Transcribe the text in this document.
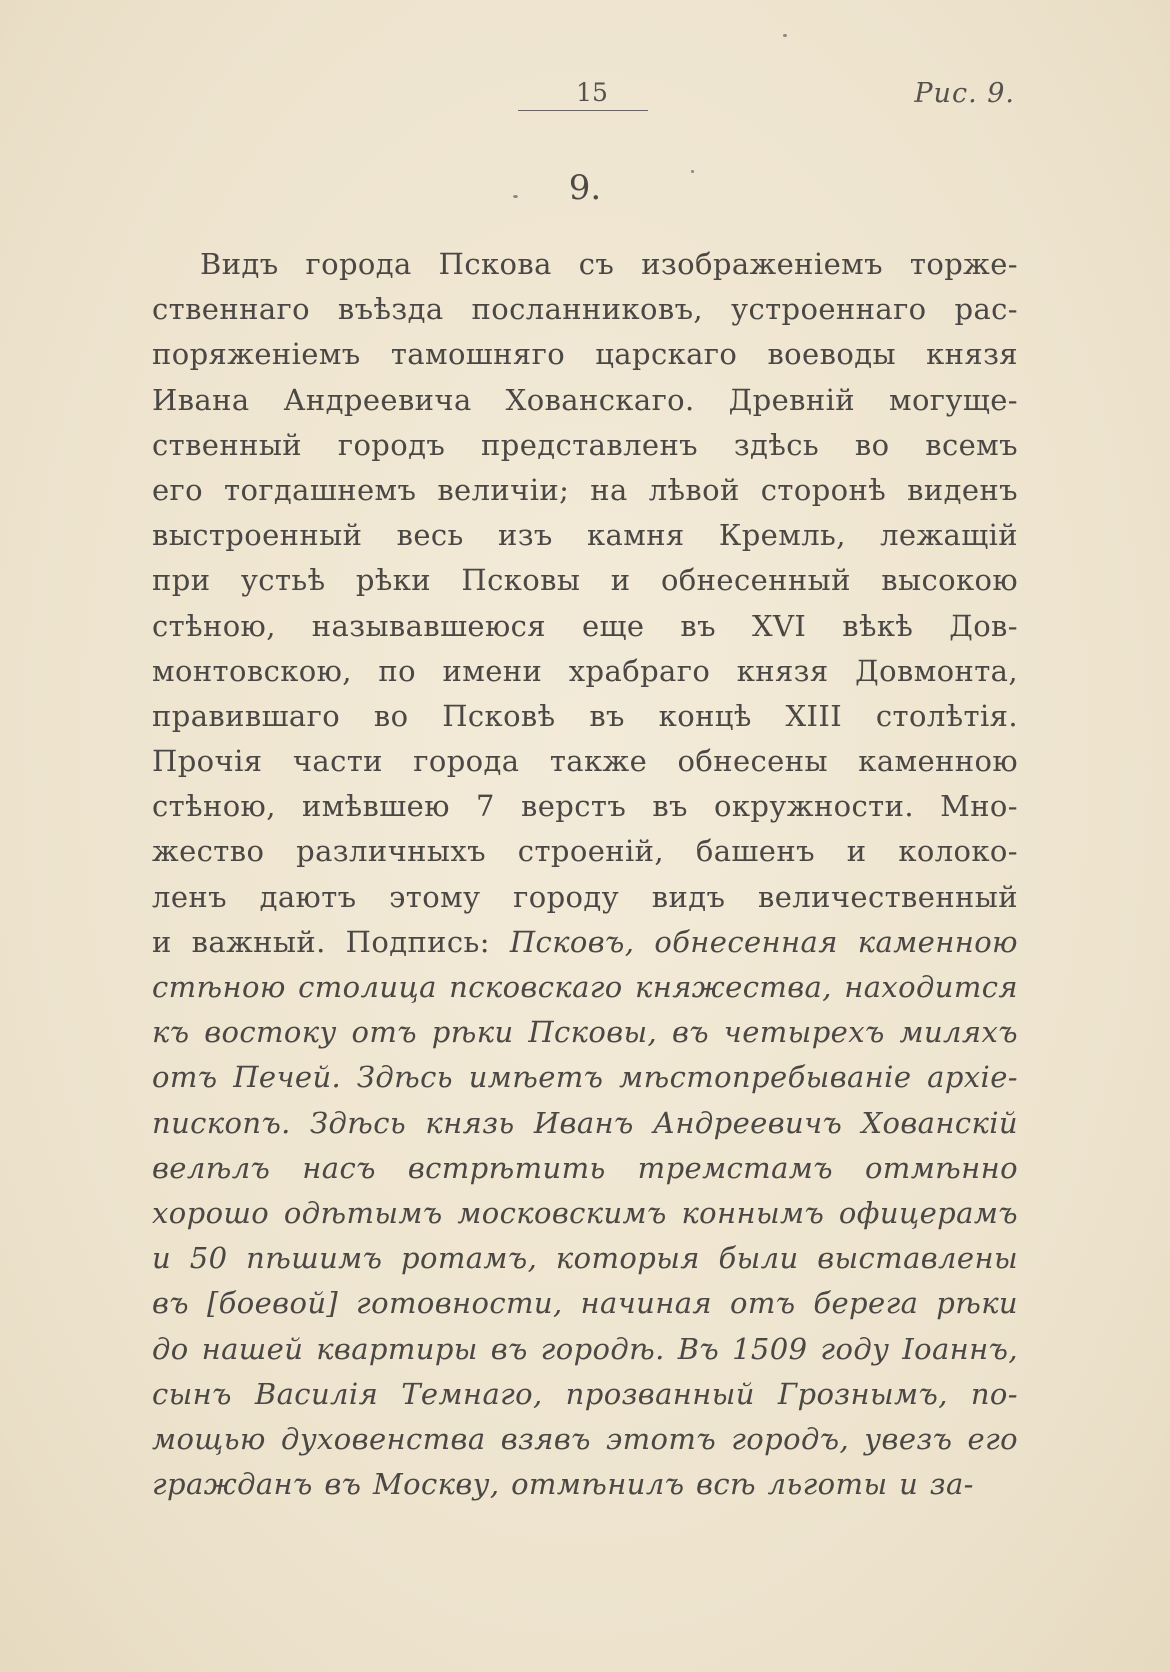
15	Рис. 9.
9.
Видъ города Пскова съ изображенiемъ торже-
ственнаго въѣзда посланниковъ, устроеннаго рас-
поряженiемъ тамошняго царскаго воеводы князя
Ивана Андреевича Хованскаго. Древнiй могуще-
ственный городъ представленъ здѣсь во всемъ
его тогдашнемъ величiи; на лѣвой сторонѣ виденъ
выстроенный весь изъ камня Кремль, лежащiй
при устьѣ рѣки Псковы и обнесенный высокою
стѣною, называвшеюся еще въ XVI вѣкѣ Дов-
монтовскою, по имени храбраго князя Довмонта,
правившаго во Псковѣ въ концѣ XIII столѣтiя.
Прочiя части города также обнесены каменною
стѣною, имѣвшею 7 верстъ въ окружности. Мно-
жество различныхъ строенiй, башенъ и колоко-
ленъ даютъ этому городу видъ величественный
и важный. Подпись: Псковъ, обнесенная каменною
стѣною столица псковскаго княжества, находится
къ востоку отъ рѣки Псковы, въ четырехъ миляхъ
отъ Печей. Здѣсь имѣетъ мѣстопребыванiе архiе-
пископъ. Здѣсь князь Иванъ Андреевичъ Хованскiй
велѣлъ насъ встрѣтить тремстамъ отмѣнно
хорошо одѣтымъ московскимъ коннымъ офицерамъ
и 50 пѣшимъ ротамъ, которыя были выставлены
въ [боевой] готовности, начиная отъ берега рѣки
до нашей квартиры въ городѣ. Въ 1509 году Iоаннъ,
сынъ Василiя Темнаго, прозванный Грознымъ, по-
мощью духовенства взявъ этотъ городъ, увезъ его
гражданъ въ Москву, отмѣнилъ всѣ льготы и за-
